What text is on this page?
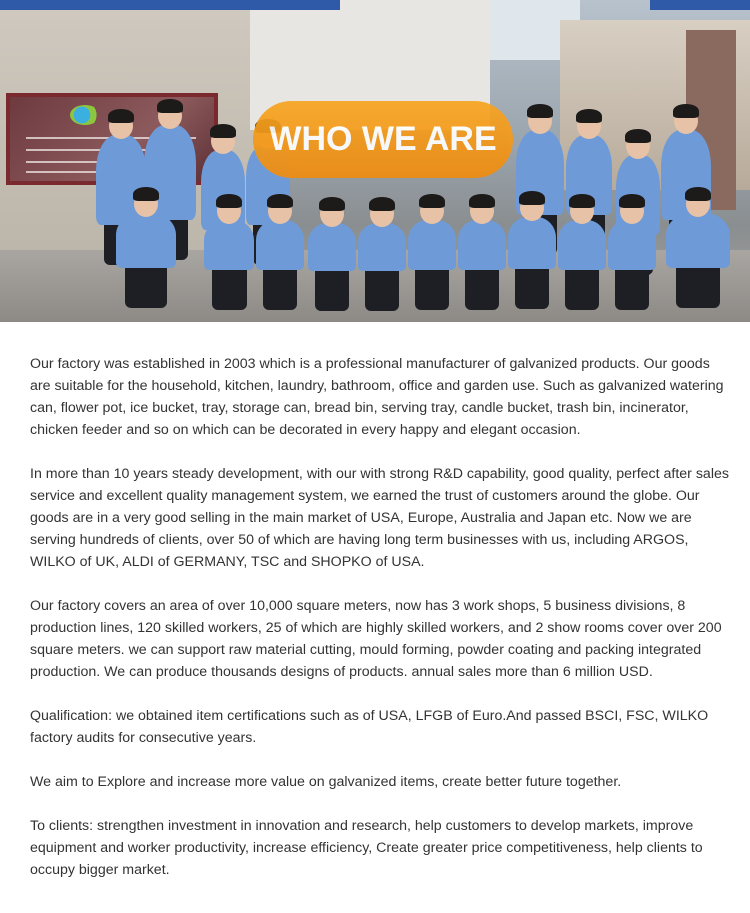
WHO WE ARE

Our factory was established in 2003 which is a professional manufacturer of galvanized products. Our goods are suitable for the household, kitchen, laundry, bathroom, office and garden use. Such as galvanized watering can, flower pot, ice bucket, tray, storage can, bread bin, serving tray, candle bucket, trash bin, incinerator, chicken feeder and so on which can be decorated in every happy and elegant occasion.

In more than 10 years steady development, with our with strong R&D capability, good quality, perfect after sales service and excellent quality management system, we earned the trust of customers around the globe. Our goods are in a very good selling in the main market of USA, Europe, Australia and Japan etc. Now we are serving hundreds of clients, over 50 of which are having long term businesses with us, including ARGOS, WILKO of UK, ALDI of GERMANY, TSC and SHOPKO of USA.

Our factory covers an area of over 10,000 square meters, now has 3 work shops, 5 business divisions, 8 production lines, 120 skilled workers, 25 of which are highly skilled workers, and 2 show rooms cover over 200 square meters. we can support raw material cutting, mould forming, powder coating and packing integrated production. We can produce thousands designs of products. annual sales more than 6 million USD.

Qualification: we obtained item certifications such as of USA, LFGB of Euro.And passed BSCI, FSC, WILKO factory audits for consecutive years.

We aim to Explore and increase more value on galvanized items, create better future together.

To clients: strengthen investment in innovation and research, help customers to develop markets, improve equipment and worker productivity, increase efficiency, Create greater price competitiveness, help clients to occupy bigger market.
